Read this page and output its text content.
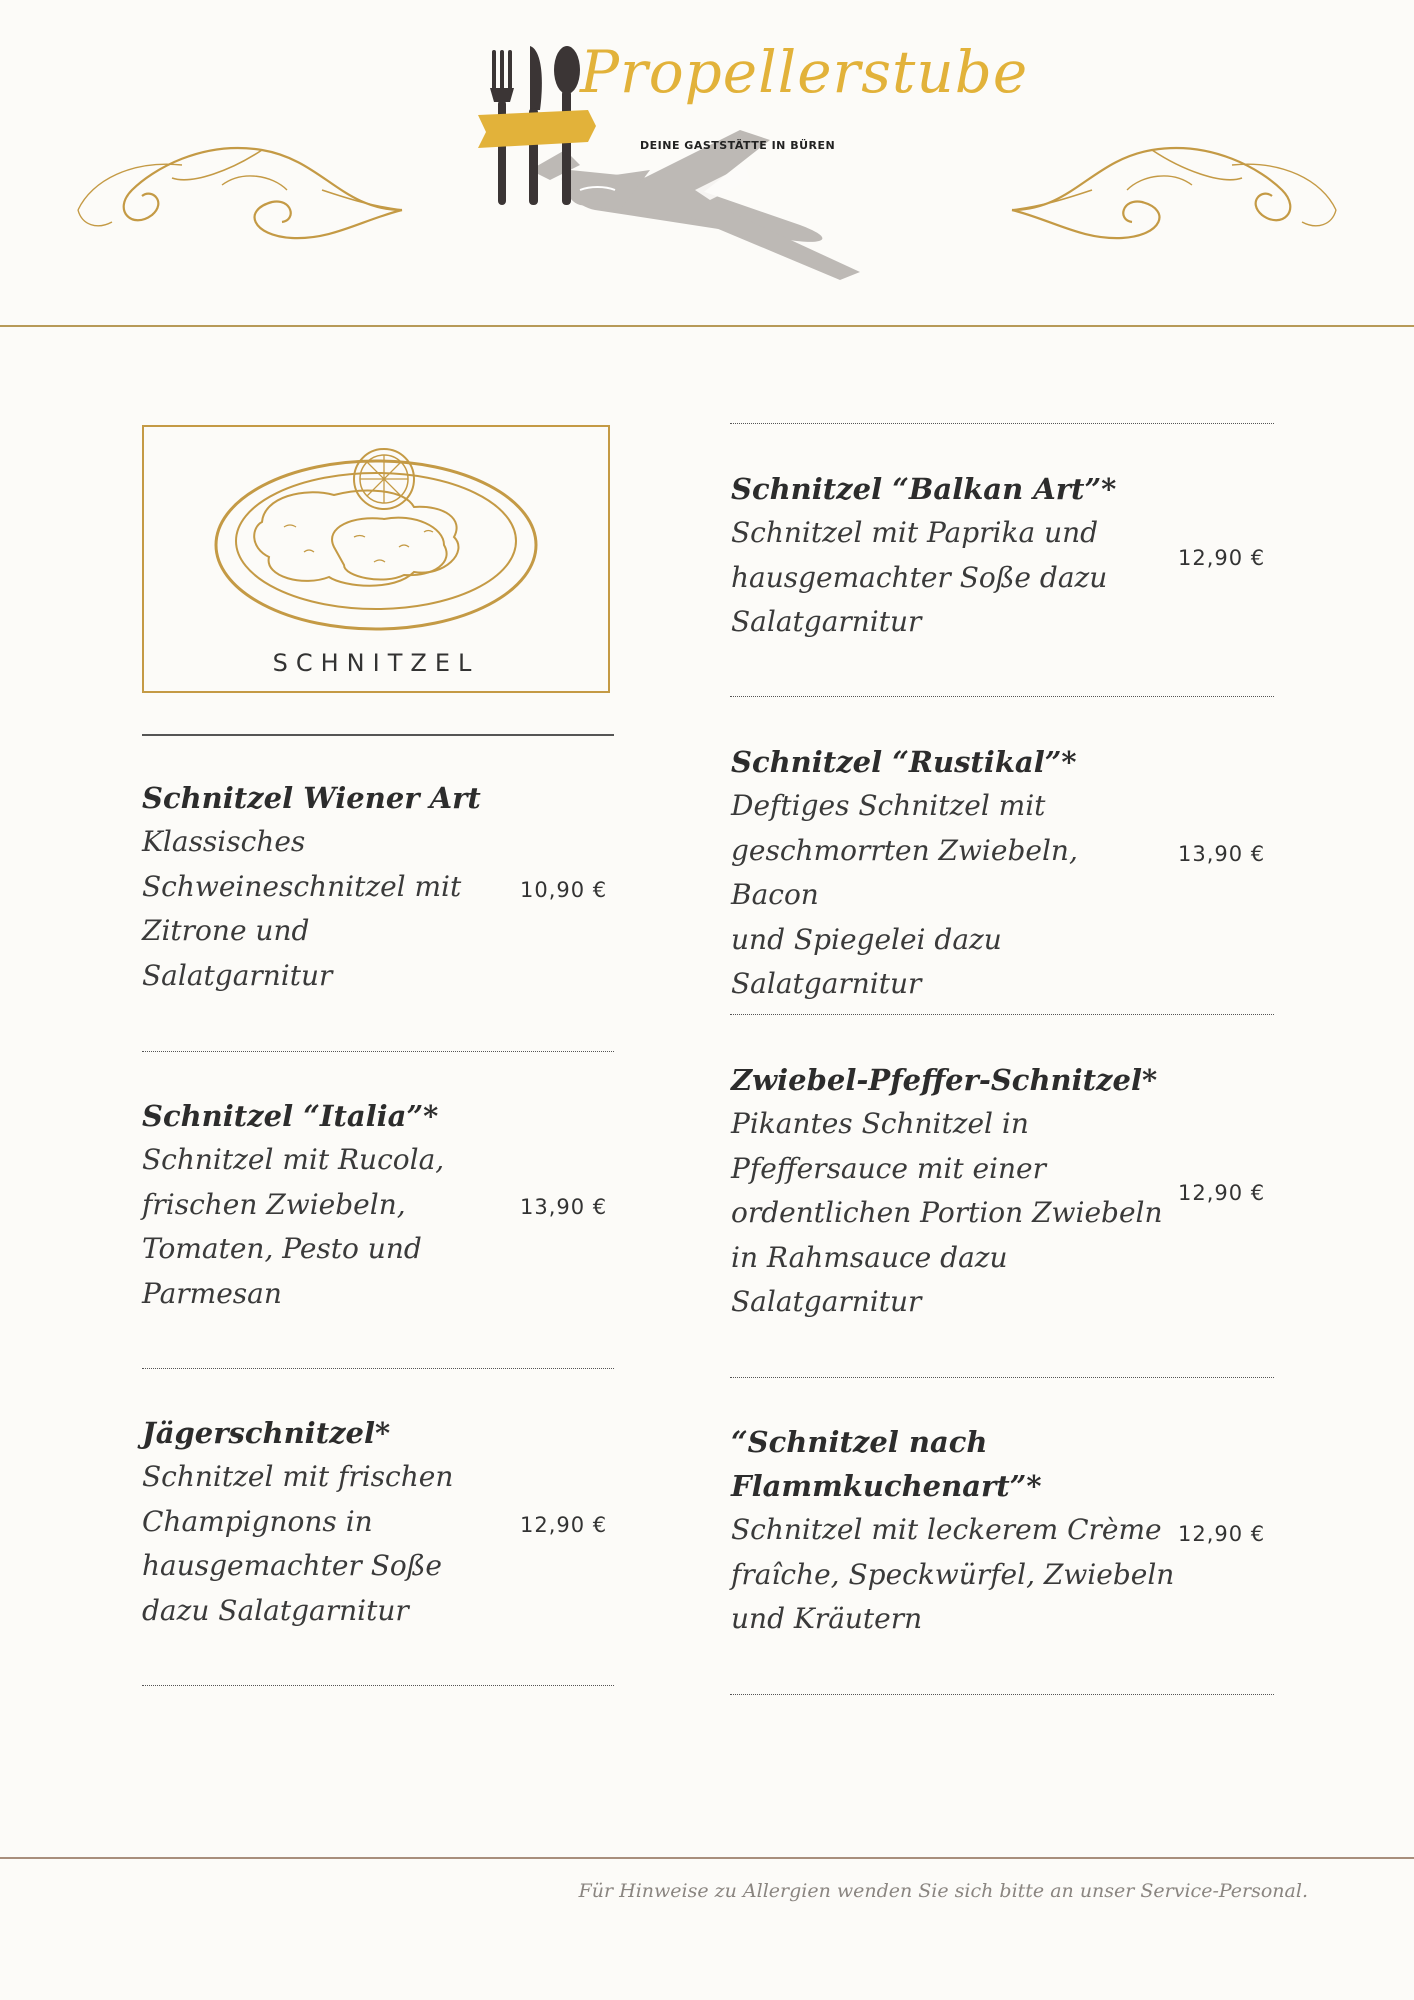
Propellerstube
DEINE GASTSTÄTTE IN BÜREN
SCHNITZEL
Schnitzel Wiener Art
Klassisches
Schweineschnitzel mit
Zitrone und
Salatgarnitur
10,90 €
Schnitzel “Italia”*
Schnitzel mit Rucola,
frischen Zwiebeln,
Tomaten, Pesto und
Parmesan
13,90 €
Jägerschnitzel*
Schnitzel mit frischen
Champignons in
hausgemachter Soße
dazu Salatgarnitur
12,90 €
Schnitzel “Balkan Art”*
Schnitzel mit Paprika und
hausgemachter Soße dazu
Salatgarnitur
12,90 €
Schnitzel “Rustikal”*
Deftiges Schnitzel mit
geschmorrten Zwiebeln, Bacon
und Spiegelei dazu
Salatgarnitur
13,90 €
Zwiebel-Pfeffer-Schnitzel*
Pikantes Schnitzel in
Pfeffersauce mit einer
ordentlichen Portion Zwiebeln
in Rahmsauce dazu
Salatgarnitur
12,90 €
“Schnitzel nach
Flammkuchenart”*
Schnitzel mit leckerem Crème
fraîche, Speckwürfel, Zwiebeln
und Kräutern
12,90 €
Für Hinweise zu Allergien wenden Sie sich bitte an unser Service-Personal.
